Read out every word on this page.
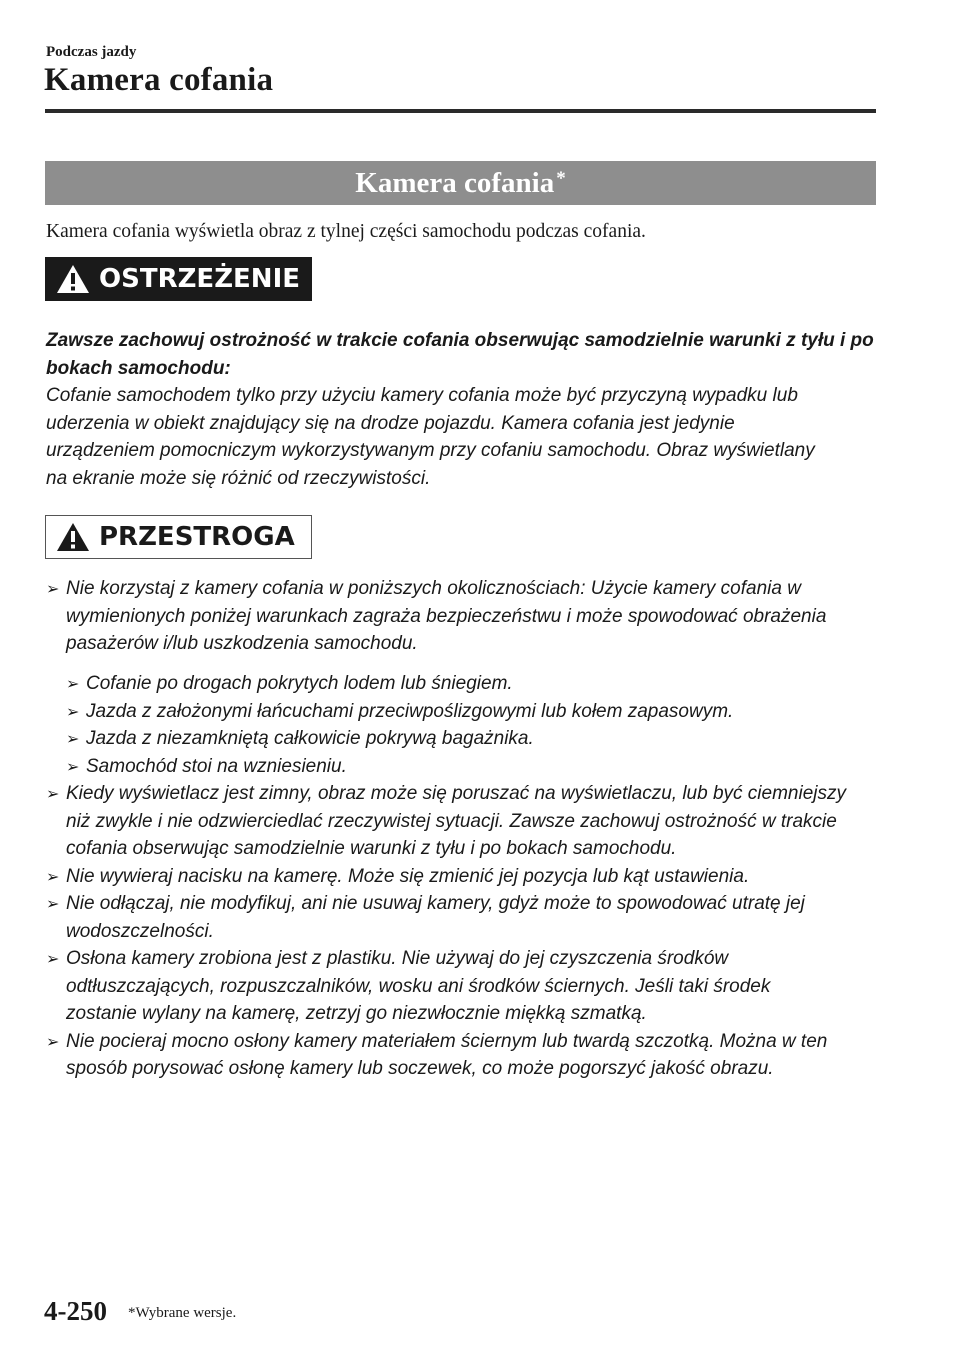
Podczas jazdy
Kamera cofania
Kamera cofania*
Kamera cofania wyświetla obraz z tylnej części samochodu podczas cofania.
OSTRZEŻENIE
Zawsze zachowuj ostrożność w trakcie cofania obserwując samodzielnie warunki z tyłu i po
bokach samochodu:
Cofanie samochodem tylko przy użyciu kamery cofania może być przyczyną wypadku lub
uderzenia w obiekt znajdujący się na drodze pojazdu. Kamera cofania jest jedynie
urządzeniem pomocniczym wykorzystywanym przy cofaniu samochodu. Obraz wyświetlany
na ekranie może się różnić od rzeczywistości.
PRZESTROGA
➢ Nie korzystaj z kamery cofania w poniższych okolicznościach: Użycie kamery cofania w
wymienionych poniżej warunkach zagraża bezpieczeństwu i może spowodować obrażenia
pasażerów i/lub uszkodzenia samochodu.
➢ Cofanie po drogach pokrytych lodem lub śniegiem.
➢ Jazda z założonymi łańcuchami przeciwpoślizgowymi lub kołem zapasowym.
➢ Jazda z niezamkniętą całkowicie pokrywą bagażnika.
➢ Samochód stoi na wzniesieniu.
➢ Kiedy wyświetlacz jest zimny, obraz może się poruszać na wyświetlaczu, lub być ciemniejszy
niż zwykle i nie odzwierciedlać rzeczywistej sytuacji. Zawsze zachowuj ostrożność w trakcie
cofania obserwując samodzielnie warunki z tyłu i po bokach samochodu.
➢ Nie wywieraj nacisku na kamerę. Może się zmienić jej pozycja lub kąt ustawienia.
➢ Nie odłączaj, nie modyfikuj, ani nie usuwaj kamery, gdyż może to spowodować utratę jej
wodoszczelności.
➢ Osłona kamery zrobiona jest z plastiku. Nie używaj do jej czyszczenia środków
odtłuszczających, rozpuszczalników, wosku ani środków ściernych. Jeśli taki środek
zostanie wylany na kamerę, zetrzyj go niezwłocznie miękką szmatką.
➢ Nie pocieraj mocno osłony kamery materiałem ściernym lub twardą szczotką. Można w ten
sposób porysować osłonę kamery lub soczewek, co może pogorszyć jakość obrazu.
4-250 *Wybrane wersje.
